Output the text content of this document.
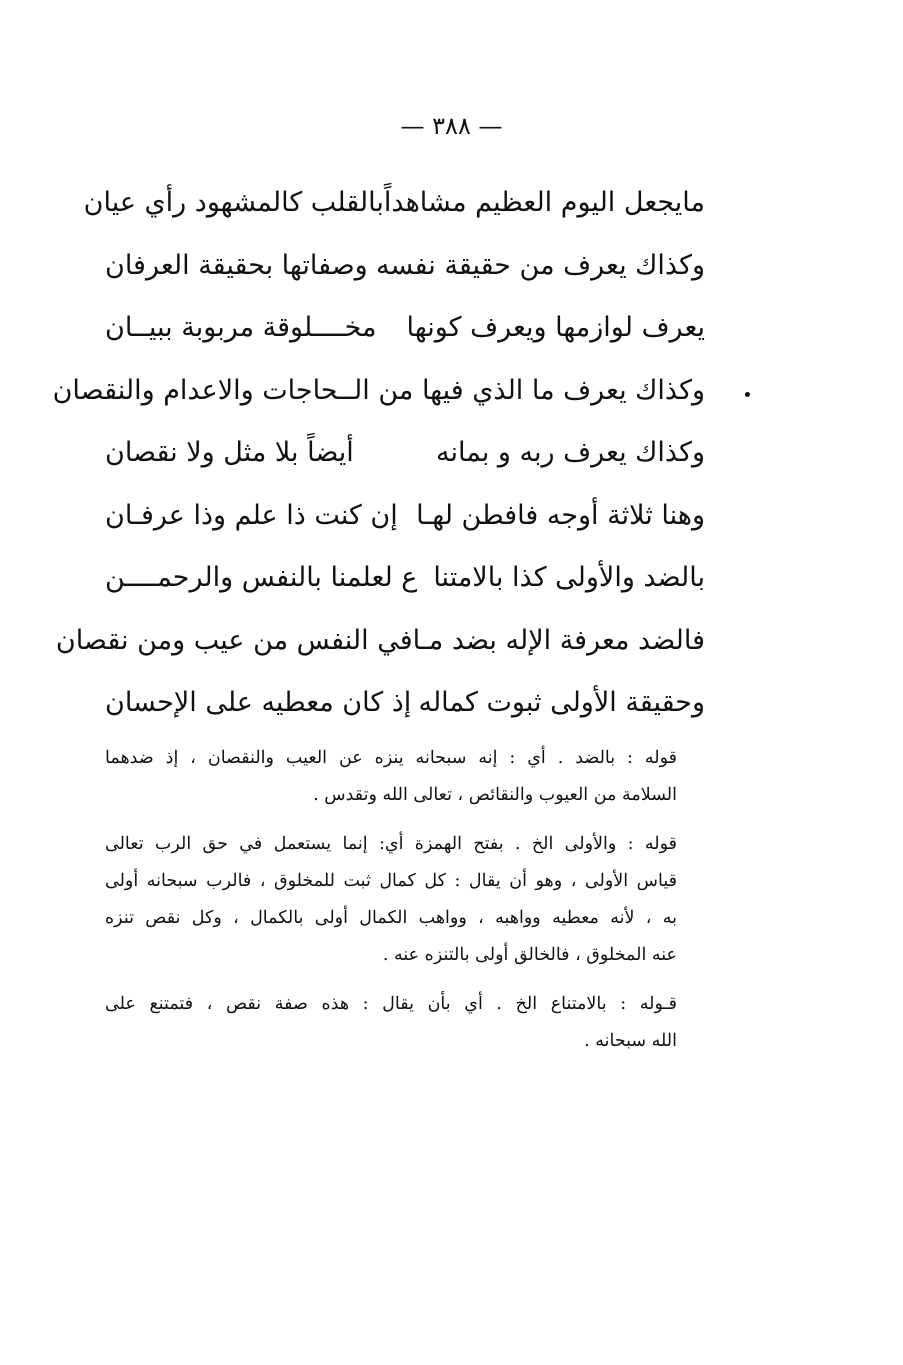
— ٣٨٨ —
مايجعل اليوم العظيم مشاهداً
بالقلب كالمشهود رأي عيان
وكذاك يعرف من حقيقة نفسه
وصفاتها بحقيقة العرفان
يعرف لوازمها ويعرف كونها
مخــــلوقة مربوبة ببيــان
وكذاك يعرف ما الذي فيها من الـ
ـحاجات والاعدام والنقصان
وكذاك يعرف ربه و بمانه
أيضاً بلا مثل ولا نقصان
وهنا ثلاثة أوجه فافطن لهـا
إن كنت ذا علم وذا عرفـان
بالضد والأولى كذا بالامتنا
ع لعلمنا بالنفس والرحمــــن
فالضد معرفة الإله بضد مـا
في النفس من عيب ومن نقصان
وحقيقة الأولى ثبوت كماله
إذ كان معطيه على الإحسان

قوله : بالضد . أي : إنه سبحانه ينزه عن العيب والنقصان ، إذ ضدهما
السلامة من العيوب والنقائص ، تعالى الله وتقدس .

قوله : والأولى الخ . بفتح الهمزة أي: إنما يستعمل في حق الرب تعالى
قياس الأولى ، وهو أن يقال : كل كمال ثبت للمخلوق ، فالرب سبحانه أولى
به ، لأنه معطيه وواهبه ، وواهب الكمال أولى بالكمال ، وكل نقص تنزه
عنه المخلوق ، فالخالق أولى بالتنزه عنه .

قـوله : بالامتناع الخ . أي بأن يقال : هذه صفة نقص ، فتمتنع على
الله سبحانه .
